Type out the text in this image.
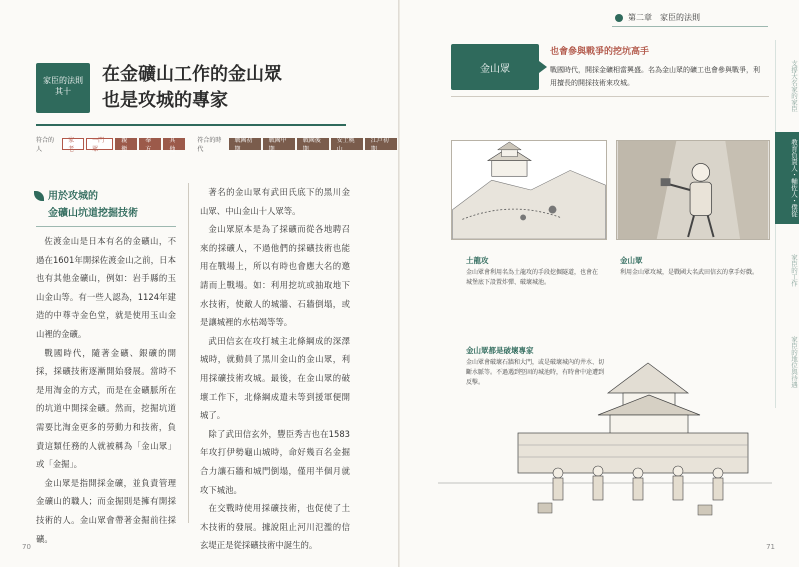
家臣的法則
其十
在金礦山工作的金山眾
也是攻城的專家
符合的人
家老
一門眾
親衛
奉方
其他
符合的時代
戰國初期
戰國中期
戰國後期
安土桃山
江戶初期
用於攻城的
金礦山坑道挖掘技術

佐渡金山是日本有名的金礦山，不過在1601年開採佐渡金山之前，日本也有其他金礦山，例如：岩手縣的玉山金山等。有一些人認為，1124年建造的中尊寺金色堂，就是使用玉山金山裡的金礦。

戰國時代，隨著金礦、銀礦的開採，採礦技術逐漸開始發展。當時不是用淘金的方式，而是在金礦脈所在的坑道中開採金礦。然而，挖掘坑道需要比淘金更多的勞動力和技術，負責這類任務的人就被稱為「金山眾」或「金掘」。

金山眾是指開採金礦，並負責管理金礦山的職人；而金掘則是擁有開採技術的人。金山眾會帶著金掘前往採礦。

著名的金山眾有武田氏底下的黑川金山眾、中山金山十人眾等。

金山眾原本是為了採礦而從各地聘召來的採礦人，不過他們的採礦技術也能用在戰場上，所以有時也會應大名的邀請而上戰場。如：利用挖坑或抽取地下水技術，使敵人的城牆、石牆倒塌，或是讓城裡的水枯竭等等。

武田信玄在攻打城主北條綱成的深澤城時，就動員了黑川金山的金山眾，利用採礦技術攻城。最後，在金山眾的破壞工作下，北條綱成遣未等到援軍便開城了。

除了武田信玄外，豐臣秀吉也在1583年攻打伊勢龜山城時，命好幾百名金掘合力讓石牆和城門倒塌，僅用半個月就攻下城池。

在交戰時使用採礦技術，也促使了土木技術的發展。據說阻止河川氾濫的信玄堤正是從採礦技術中誕生的。

70
第二章　家臣的法則
支撐大名家的家臣
教育負責人・輔佐人・僕從
家臣的工作
家臣的地位與待遇
金山眾
也會參與戰爭的挖坑高手
戰國時代，開採金礦相當興盛。名為金山眾的礦工也會參與戰爭，利用擅長的開採技術來攻城。
土龍攻
金山眾會利用名為土龍攻的手段挖掘隧道，也會在城堡底下設置炸彈、破壞城池。
金山眾
利用金山眾攻城，是戰國大名武田信玄的拿手好戲。
金山眾都是破壞專家
金山眾會破壞石牆和大門，或是破壞城內的井水、切斷水脈等。不過遇到堅固的城池時，有時會中途遭到反擊。
71
